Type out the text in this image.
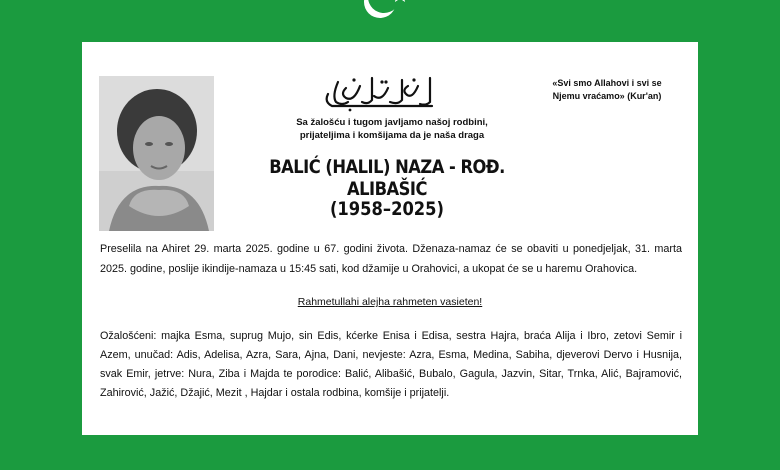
«Svi smo Allahovi i svi se
Njemu vraćamo» (Kur'an)
Sa žalošću i tugom javljamo našoj rodbini,
prijateljima i komšijama da je naša draga
BALIĆ (HALIL) NAZA - ROĐ. ALIBAŠIĆ
(1958–2025)
Preselila na Ahiret 29. marta 2025. godine u 67. godini života. Dženaza-namaz će se obaviti u ponedjeljak, 31. marta 2025. godine, poslije ikindije-namaza u 15:45 sati, kod džamije u Orahovici, a ukopat će se u haremu Orahovica.
Rahmetullahi alejha rahmeten vasieten!
Ožalošćeni: majka Esma, suprug Mujo, sin Edis, kćerke Enisa i Edisa, sestra Hajra, braća Alija i Ibro, zetovi Semir i Azem, unučad: Adis, Adelisa, Azra, Sara, Ajna, Dani, nevjeste: Azra, Esma, Medina, Sabiha, djeverovi Dervo i Husnija, svak Emir, jetrve: Nura, Ziba i Majda te porodice: Balić, Alibašić, Bubalo, Gagula, Jazvin, Sitar, Trnka, Alić, Bajramović, Zahirović, Jažić, Džajić, Mezit , Hajdar i ostala rodbina, komšije i prijatelji.
